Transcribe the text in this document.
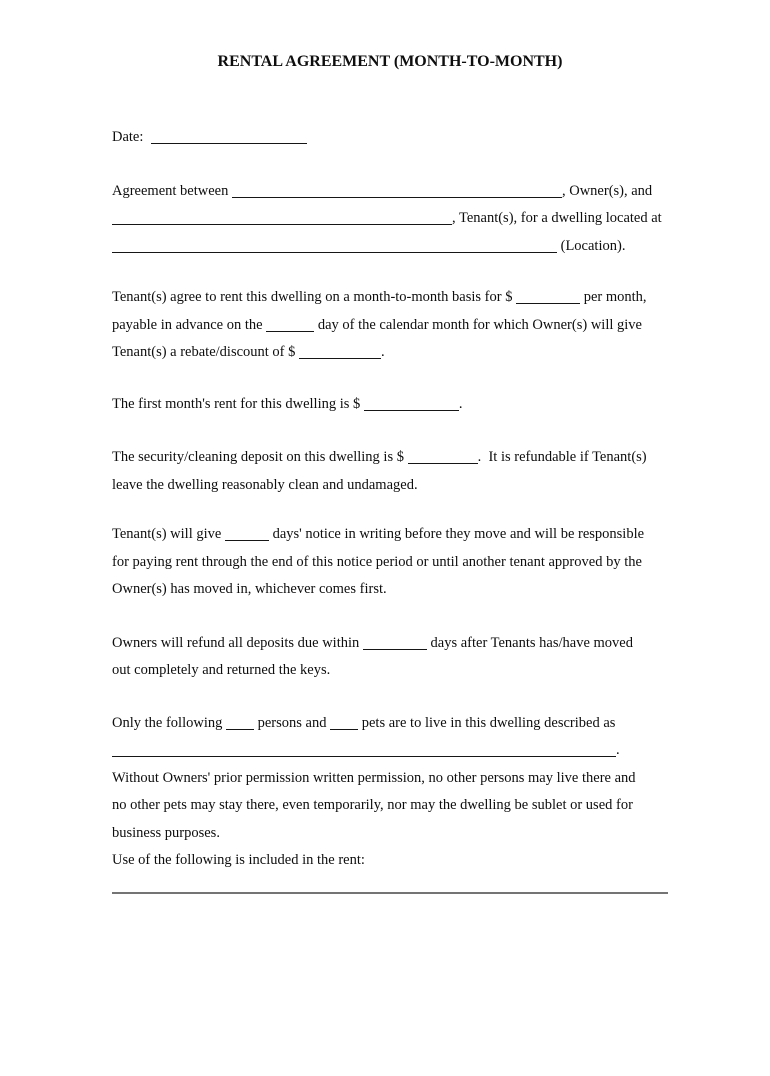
RENTAL AGREEMENT (MONTH-TO-MONTH)
Date:
Agreement between	, Owner(s), and
, Tenant(s), for a dwelling located at
(Location).
Tenant(s) agree to rent this dwelling on a month-to-month basis for $	per month,
payable in advance on the	day of the calendar month for which Owner(s) will give
Tenant(s) a rebate/discount of $	.
The first month's rent for this dwelling is $	.
The security/cleaning deposit on this dwelling is $	.  It is refundable if Tenant(s)
leave the dwelling reasonably clean and undamaged.
Tenant(s) will give	days' notice in writing before they move and will be responsible
for paying rent through the end of this notice period or until another tenant approved by the
Owner(s) has moved in, whichever comes first.
Owners will refund all deposits due within	days after Tenants has/have moved
out completely and returned the keys.
Only the following  persons and  pets are to live in this dwelling described as
.
Without Owners' prior permission written permission, no other persons may live there and
no other pets may stay there, even temporarily, nor may the dwelling be sublet or used for
business purposes.
Use of the following is included in the rent:
